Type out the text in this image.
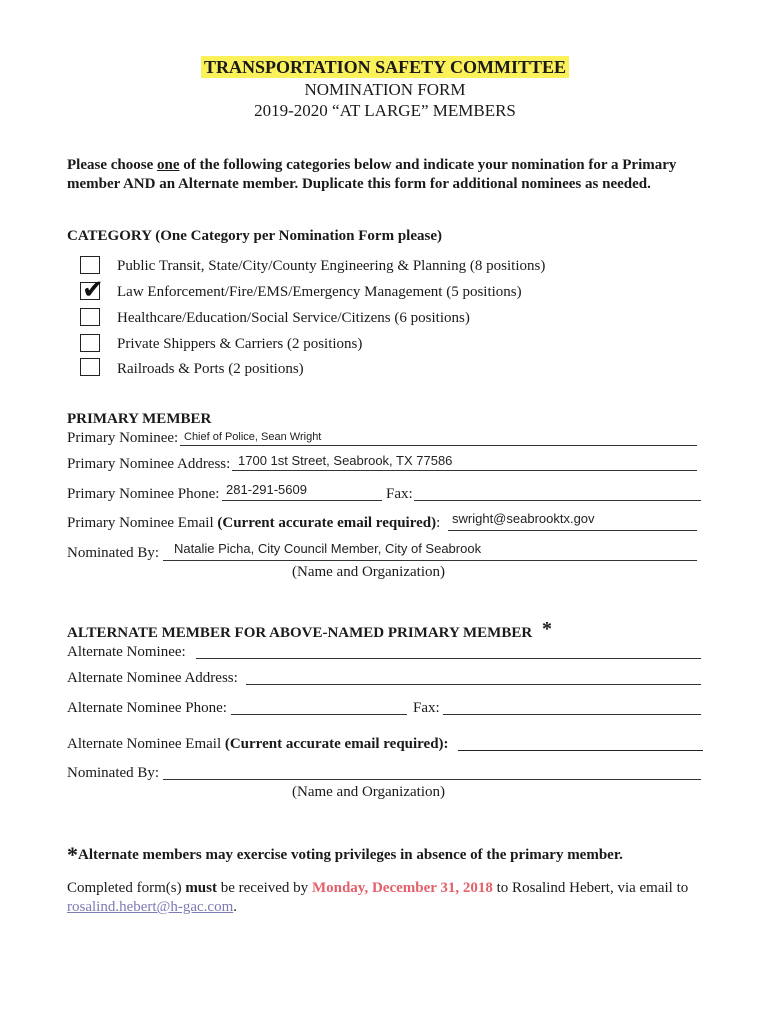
TRANSPORTATION SAFETY COMMITTEE
NOMINATION FORM
2019-2020 “AT LARGE” MEMBERS
Please choose one of the following categories below and indicate your nomination for a Primary
member AND an Alternate member. Duplicate this form for additional nominees as needed.
CATEGORY (One Category per Nomination Form please)
Public Transit, State/City/County Engineering & Planning (8 positions)
✔ Law Enforcement/Fire/EMS/Emergency Management (5 positions)
Healthcare/Education/Social Service/Citizens (6 positions)
Private Shippers & Carriers (2 positions)
Railroads & Ports (2 positions)
PRIMARY MEMBER
Primary Nominee: Chief of Police, Sean Wright
Primary Nominee Address: 1700 1st Street, Seabrook, TX 77586
Primary Nominee Phone: 281-291-5609	Fax:
Primary Nominee Email (Current accurate email required): swright@seabrooktx.gov
Nominated By: Natalie Picha, City Council Member, City of Seabrook
(Name and Organization)
ALTERNATE MEMBER FOR ABOVE-NAMED PRIMARY MEMBER *
Alternate Nominee:
Alternate Nominee Address:
Alternate Nominee Phone:	Fax:
Alternate Nominee Email (Current accurate email required):
Nominated By:
(Name and Organization)
*Alternate members may exercise voting privileges in absence of the primary member.
Completed form(s) must be received by Monday, December 31, 2018 to Rosalind Hebert, via email to
rosalind.hebert@h-gac.com.
